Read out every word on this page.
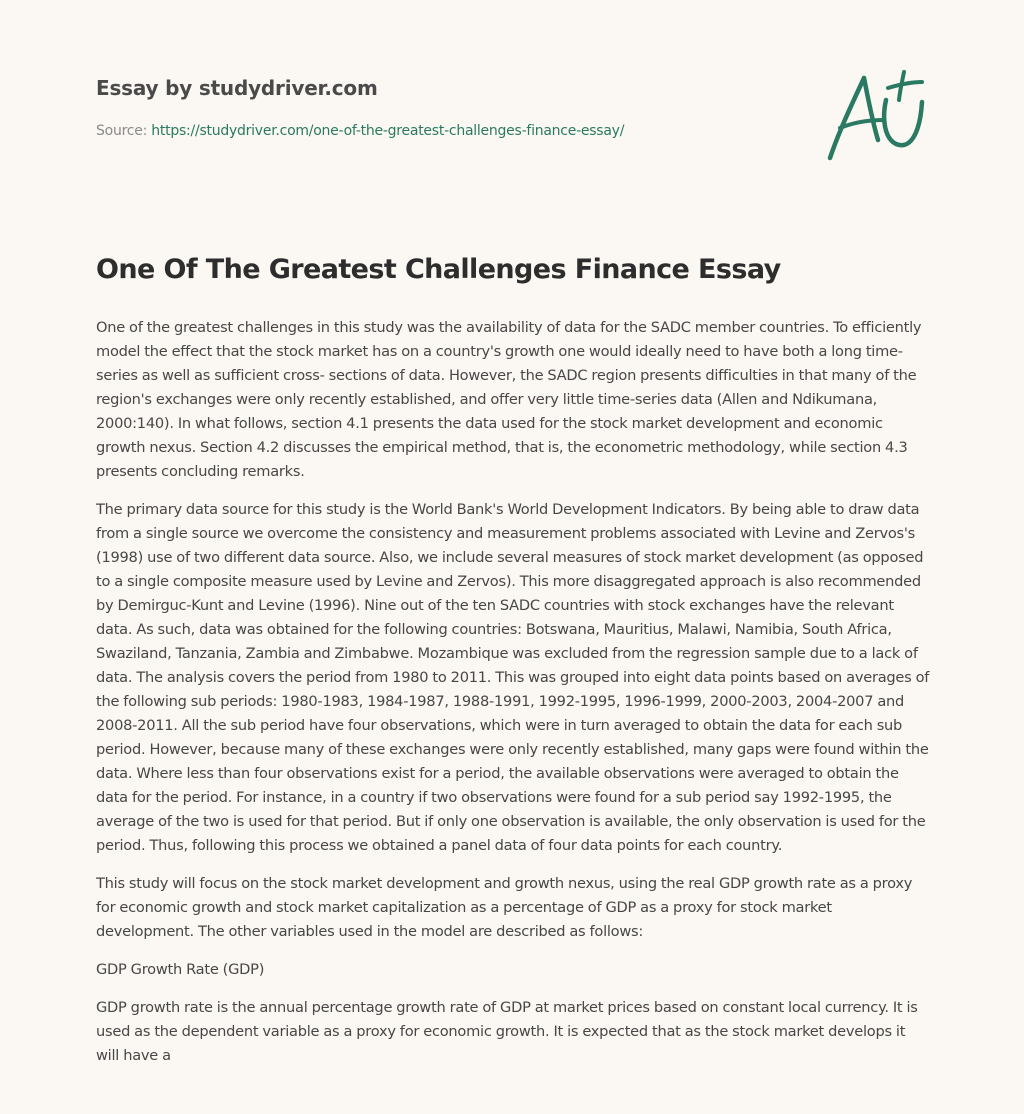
Essay by studydriver.com
Source: https://studydriver.com/one-of-the-greatest-challenges-finance-essay/
One Of The Greatest Challenges Finance Essay

One of the greatest challenges in this study was the availability of data for the SADC member countries. To efficiently model the effect that the stock market has on a country's growth one would ideally need to have both a long time-series as well as sufficient cross- sections of data. However, the SADC region presents difficulties in that many of the region's exchanges were only recently established, and offer very little time-series data (Allen and Ndikumana, 2000:140). In what follows, section 4.1 presents the data used for the stock market development and economic growth nexus. Section 4.2 discusses the empirical method, that is, the econometric methodology, while section 4.3 presents concluding remarks.

The primary data source for this study is the World Bank's World Development Indicators. By being able to draw data from a single source we overcome the consistency and measurement problems associated with Levine and Zervos's (1998) use of two different data source. Also, we include several measures of stock market development (as opposed to a single composite measure used by Levine and Zervos). This more disaggregated approach is also recommended by Demirguc-Kunt and Levine (1996). Nine out of the ten SADC countries with stock exchanges have the relevant data. As such, data was obtained for the following countries: Botswana, Mauritius, Malawi, Namibia, South Africa, Swaziland, Tanzania, Zambia and Zimbabwe. Mozambique was excluded from the regression sample due to a lack of data. The analysis covers the period from 1980 to 2011. This was grouped into eight data points based on averages of the following sub periods: 1980-1983, 1984-1987, 1988-1991, 1992-1995, 1996-1999, 2000-2003, 2004-2007 and 2008-2011. All the sub period have four observations, which were in turn averaged to obtain the data for each sub period. However, because many of these exchanges were only recently established, many gaps were found within the data. Where less than four observations exist for a period, the available observations were averaged to obtain the data for the period. For instance, in a country if two observations were found for a sub period say 1992-1995, the average of the two is used for that period. But if only one observation is available, the only observation is used for the period. Thus, following this process we obtained a panel data of four data points for each country.

This study will focus on the stock market development and growth nexus, using the real GDP growth rate as a proxy for economic growth and stock market capitalization as a percentage of GDP as a proxy for stock market development. The other variables used in the model are described as follows:

GDP Growth Rate (GDP)

GDP growth rate is the annual percentage growth rate of GDP at market prices based on constant local currency. It is used as the dependent variable as a proxy for economic growth. It is expected that as the stock market develops it will have a
